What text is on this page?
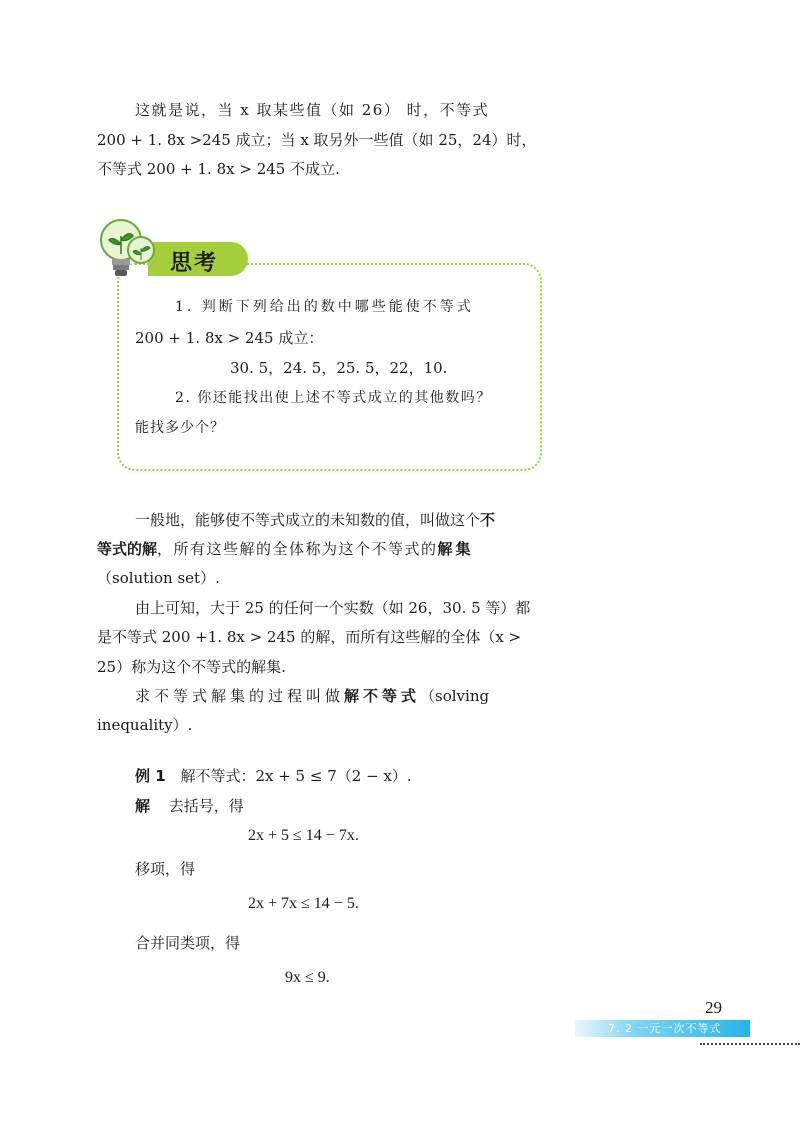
这就是说，当 x 取某些值（如 26） 时，不等式
200 + 1. 8x >245 成立；当 x 取另外一些值（如 25，24）时，
不等式 200 + 1. 8x > 245 不成立.
思考
1. 判断下列给出的数中哪些能使不等式
200 + 1. 8x > 245 成立：
30. 5，24. 5，25. 5，22，10.
2. 你还能找出使上述不等式成立的其他数吗？
能找多少个？
一般地，能够使不等式成立的未知数的值，叫做这个不
等式的解，所有这些解的全体称为这个不等式的解集
（solution set）.
由上可知，大于 25 的任何一个实数（如 26，30. 5 等）都
是不等式 200 +1. 8x > 245 的解，而所有这些解的全体（x >
25）称为这个不等式的解集.
求不等式解集的过程叫做解不等式（solving
inequality）.
例 1 解不等式：2x + 5 ≤ 7（2 − x）.
解 去括号，得
2x + 5 ≤ 14 − 7x.
移项，得
2x + 7x ≤ 14 − 5.
合并同类项，得
9x ≤ 9.
29
7. 2 一元一次不等式
